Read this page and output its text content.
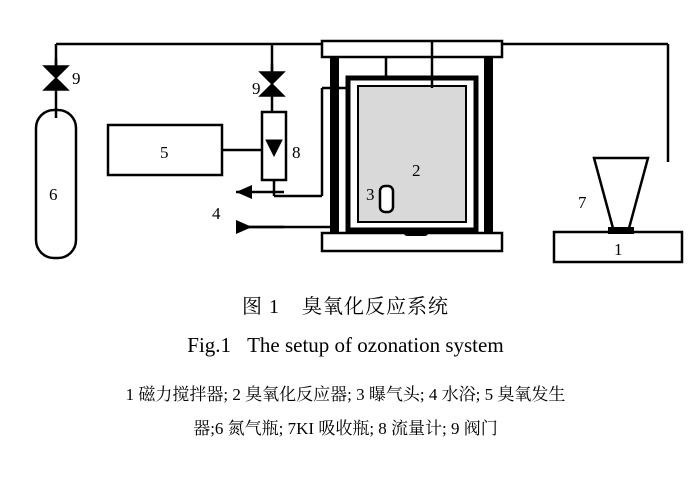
9
9
6
5	8
4
2
3	7
1
图 1 臭氧化反应系统
Fig.1 The setup of ozonation system
1 磁力搅拌器; 2 臭氧化反应器; 3 曝气头; 4 水浴; 5 臭氧发生
器;6 氮气瓶; 7KI 吸收瓶; 8 流量计; 9 阀门
